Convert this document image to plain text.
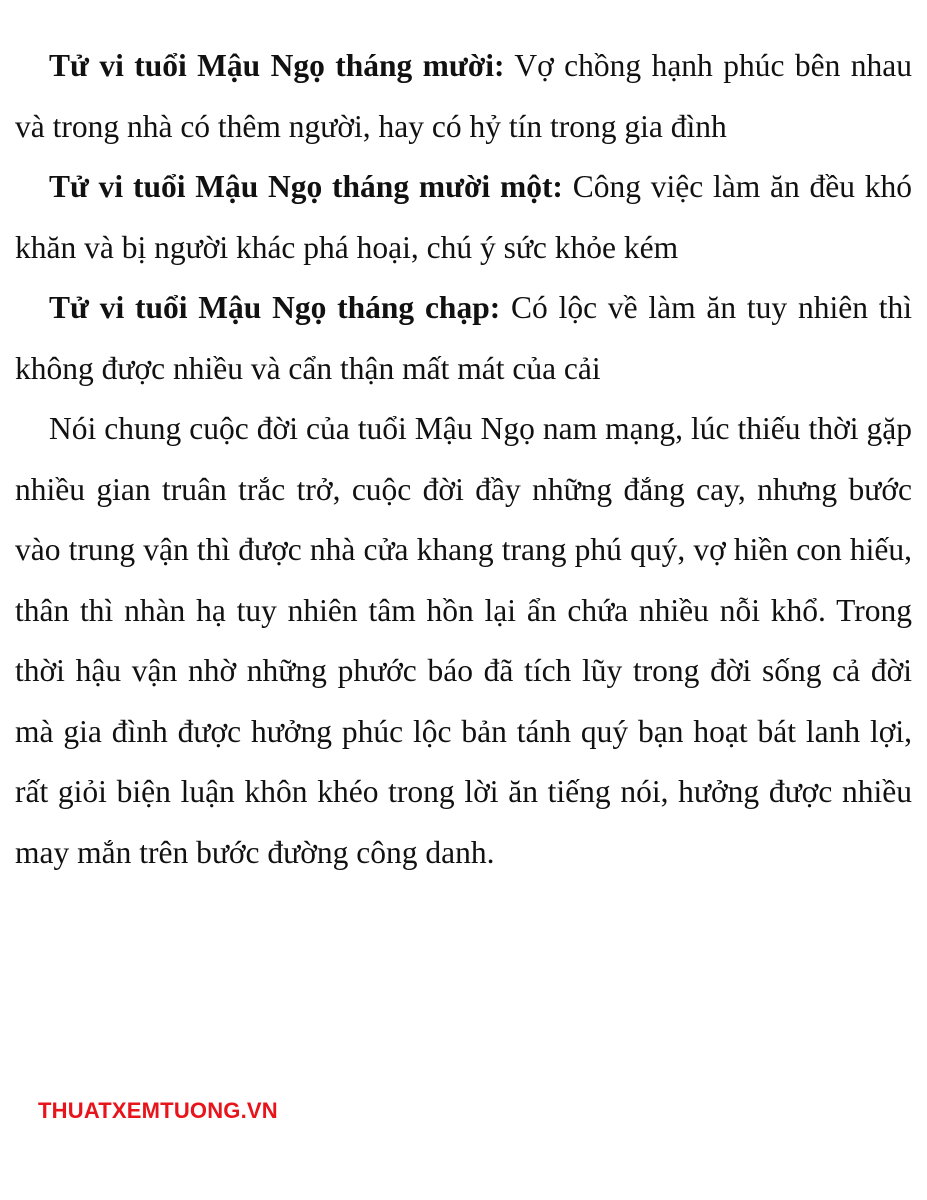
Tử vi tuổi Mậu Ngọ tháng mười: Vợ chồng hạnh phúc bên nhau và trong nhà có thêm người, hay có hỷ tín trong gia đình

Tử vi tuổi Mậu Ngọ tháng mười một: Công việc làm ăn đều khó khăn và bị người khác phá hoại, chú ý sức khỏe kém

Tử vi tuổi Mậu Ngọ tháng chạp: Có lộc về làm ăn tuy nhiên thì không được nhiều và cẩn thận mất mát của cải

Nói chung cuộc đời của tuổi Mậu Ngọ nam mạng, lúc thiếu thời gặp nhiều gian truân trắc trở, cuộc đời đầy những đắng cay, nhưng bước vào trung vận thì được nhà cửa khang trang phú quý, vợ hiền con hiếu, thân thì nhàn hạ tuy nhiên tâm hồn lại ẩn chứa nhiều nỗi khổ. Trong thời hậu vận nhờ những phước báo đã tích lũy trong đời sống cả đời mà gia đình được hưởng phúc lộc bản tánh quý bạn hoạt bát lanh lợi, rất giỏi biện luận khôn khéo trong lời ăn tiếng nói, hưởng được nhiều may mắn trên bước đường công danh.

THUATXEMTUONG.VN
